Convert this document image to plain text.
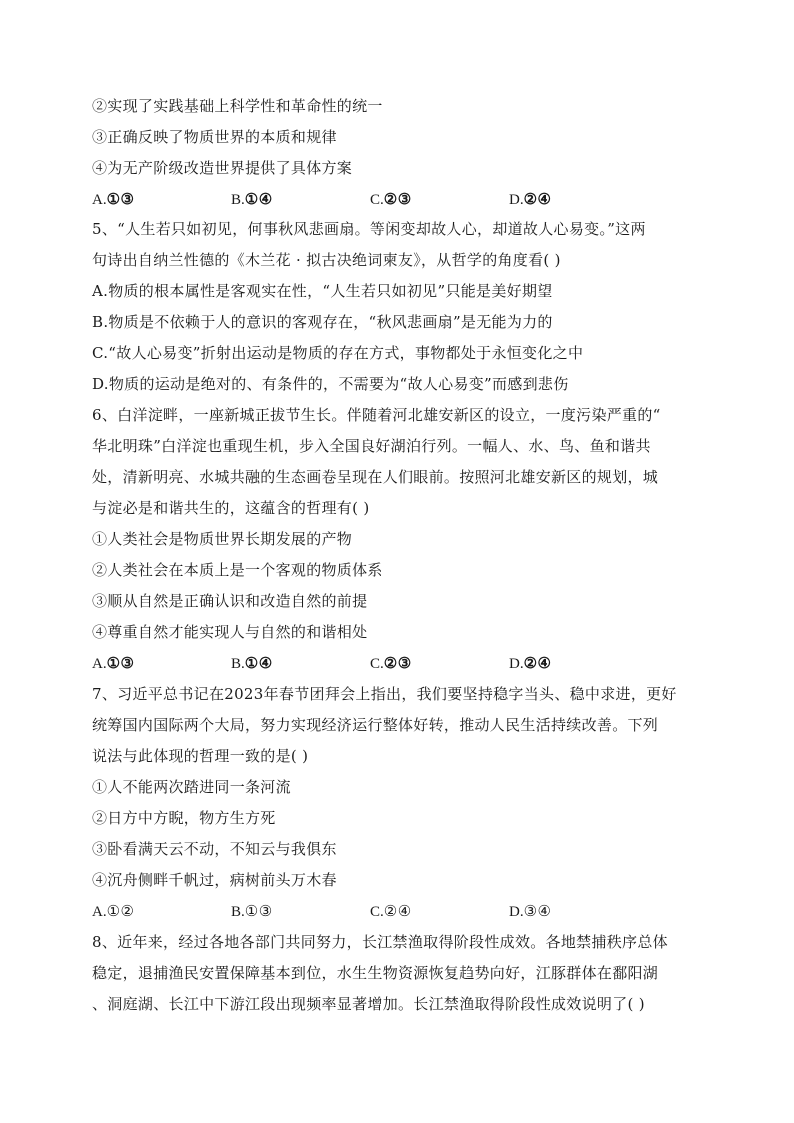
②实现了实践基础上科学性和革命性的统一
③正确反映了物质世界的本质和规律
④为无产阶级改造世界提供了具体方案
A.①③	B.①④	C.②③	D.②④
5、“人生若只如初见，何事秋风悲画扇。等闲变却故人心，却道故人心易变。”这两
句诗出自纳兰性德的《木兰花 · 拟古决绝词柬友》，从哲学的角度看( )
A.物质的根本属性是客观实在性，“人生若只如初见”只能是美好期望
B.物质是不依赖于人的意识的客观存在，“秋风悲画扇”是无能为力的
C.“故人心易变”折射出运动是物质的存在方式，事物都处于永恒变化之中
D.物质的运动是绝对的、有条件的，不需要为“故人心易变”而感到悲伤
6、白洋淀畔，一座新城正拔节生长。伴随着河北雄安新区的设立，一度污染严重的“
华北明珠”白洋淀也重现生机，步入全国良好湖泊行列。一幅人、水、鸟、鱼和谐共
处，清新明亮、水城共融的生态画卷呈现在人们眼前。按照河北雄安新区的规划，城
与淀必是和谐共生的，这蕴含的哲理有( )
①人类社会是物质世界长期发展的产物
②人类社会在本质上是一个客观的物质体系
③顺从自然是正确认识和改造自然的前提
④尊重自然才能实现人与自然的和谐相处
A.①③	B.①④	C.②③	D.②④
7、习近平总书记在2023年春节团拜会上指出，我们要坚持稳字当头、稳中求进，更好
统筹国内国际两个大局，努力实现经济运行整体好转，推动人民生活持续改善。下列
说法与此体现的哲理一致的是( )
①人不能两次踏进同一条河流
②日方中方睨，物方生方死
③卧看满天云不动，不知云与我俱东
④沉舟侧畔千帆过，病树前头万木春
A.①②	B.①③	C.②④	D.③④
8、近年来，经过各地各部门共同努力，长江禁渔取得阶段性成效。各地禁捕秩序总体
稳定，退捕渔民安置保障基本到位，水生生物资源恢复趋势向好，江豚群体在鄱阳湖
、洞庭湖、长江中下游江段出现频率显著增加。长江禁渔取得阶段性成效说明了( )
